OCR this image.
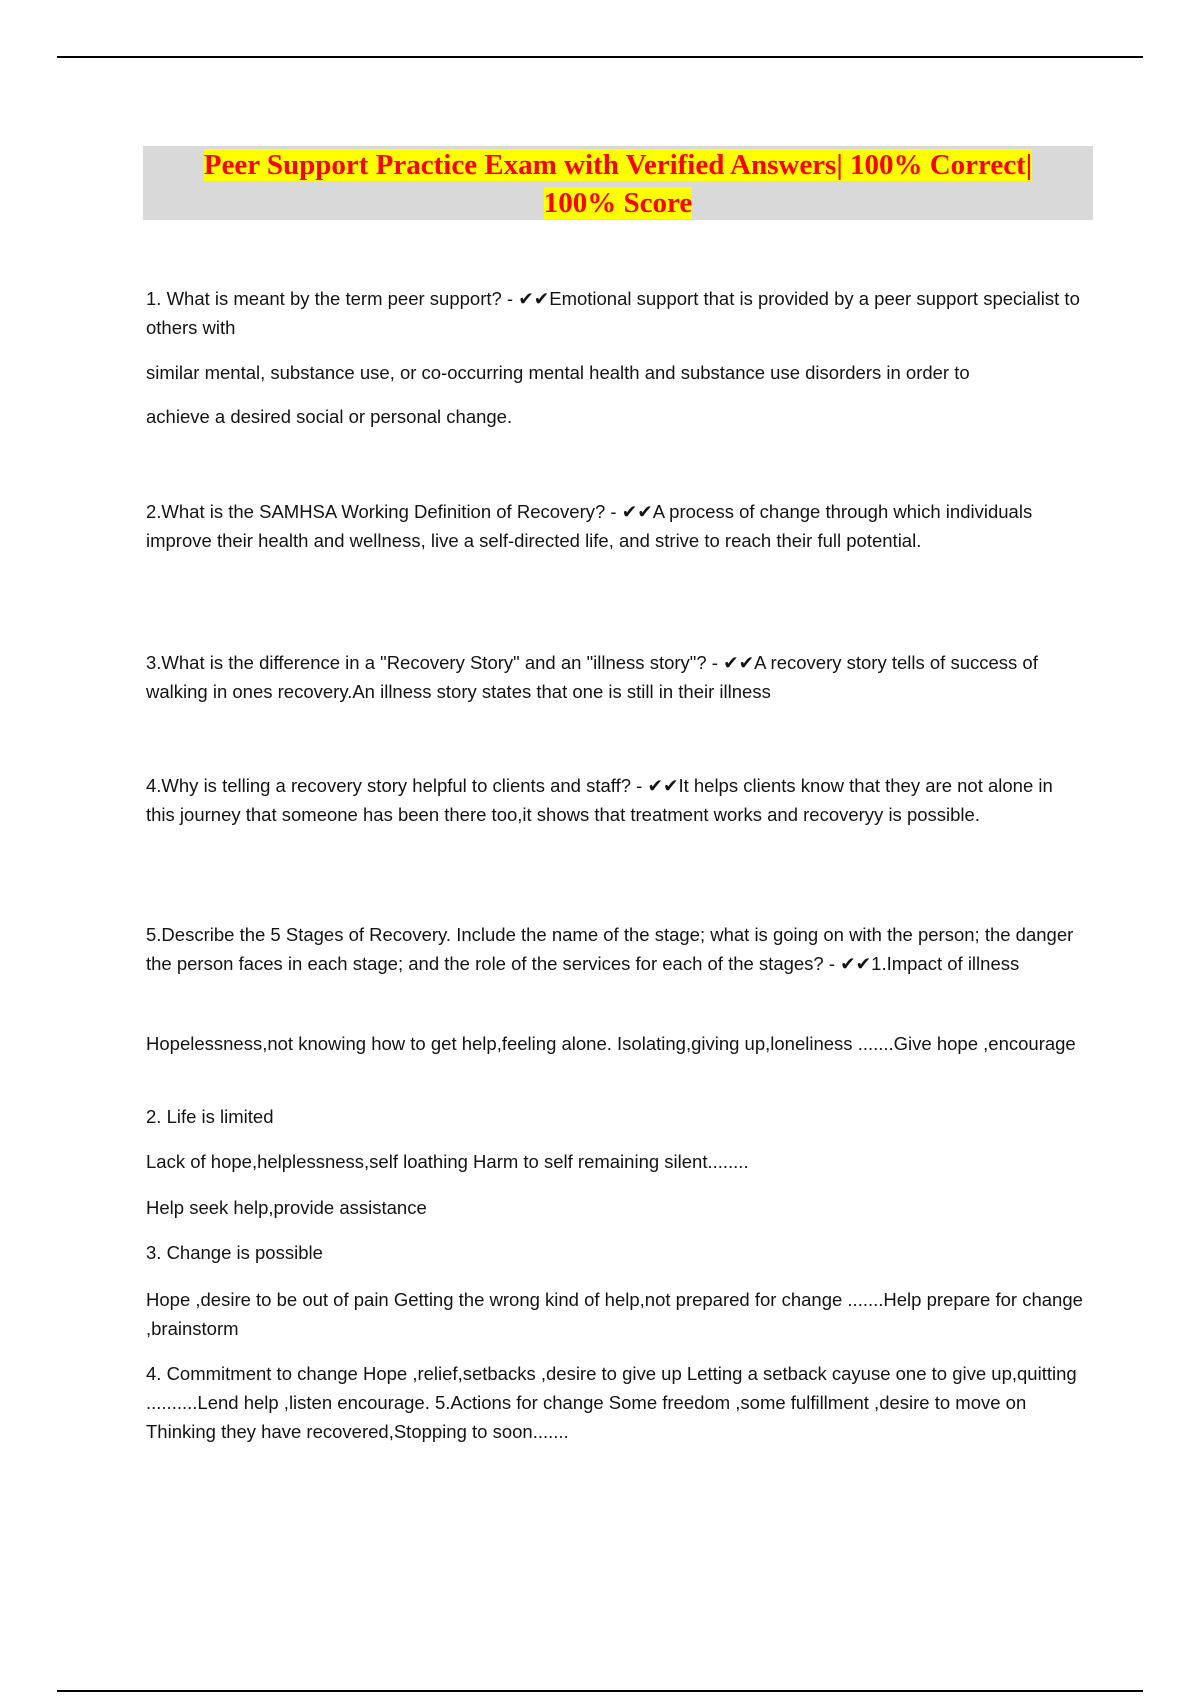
Peer Support Practice Exam with Verified Answers| 100% Correct|
100% Score

1. What is meant by the term peer support? - ✔✔Emotional support that is provided by a peer support specialist to others with

similar mental, substance use, or co-occurring mental health and substance use disorders in order to

achieve a desired social or personal change.

2.What is the SAMHSA Working Definition of Recovery? - ✔✔A process of change through which individuals improve their health and wellness, live a self-directed life, and strive to reach their full potential.

3.What is the difference in a "Recovery Story" and an "illness story"? - ✔✔A recovery story tells of success of walking in ones recovery.An illness story states that one is still in their illness

4.Why is telling a recovery story helpful to clients and staff? - ✔✔It helps clients know that they are not alone in this journey that someone has been there too,it shows that treatment works and recoveryy is possible.

5.Describe the 5 Stages of Recovery. Include the name of the stage; what is going on with the person; the danger the person faces in each stage; and the role of the services for each of the stages? - ✔✔1.Impact of illness

Hopelessness,not knowing how to get help,feeling alone. Isolating,giving up,loneliness .......Give hope ,encourage

2. Life is limited

Lack of hope,helplessness,self loathing Harm to self remaining silent........

Help seek help,provide assistance

3. Change is possible

Hope ,desire to be out of pain Getting the wrong kind of help,not prepared for change .......Help prepare for change ,brainstorm

4. Commitment to change Hope ,relief,setbacks ,desire to give up Letting a setback cayuse one to give up,quitting ..........Lend help ,listen encourage. 5.Actions for change Some freedom ,some fulfillment ,desire to move on Thinking they have recovered,Stopping to soon.......
